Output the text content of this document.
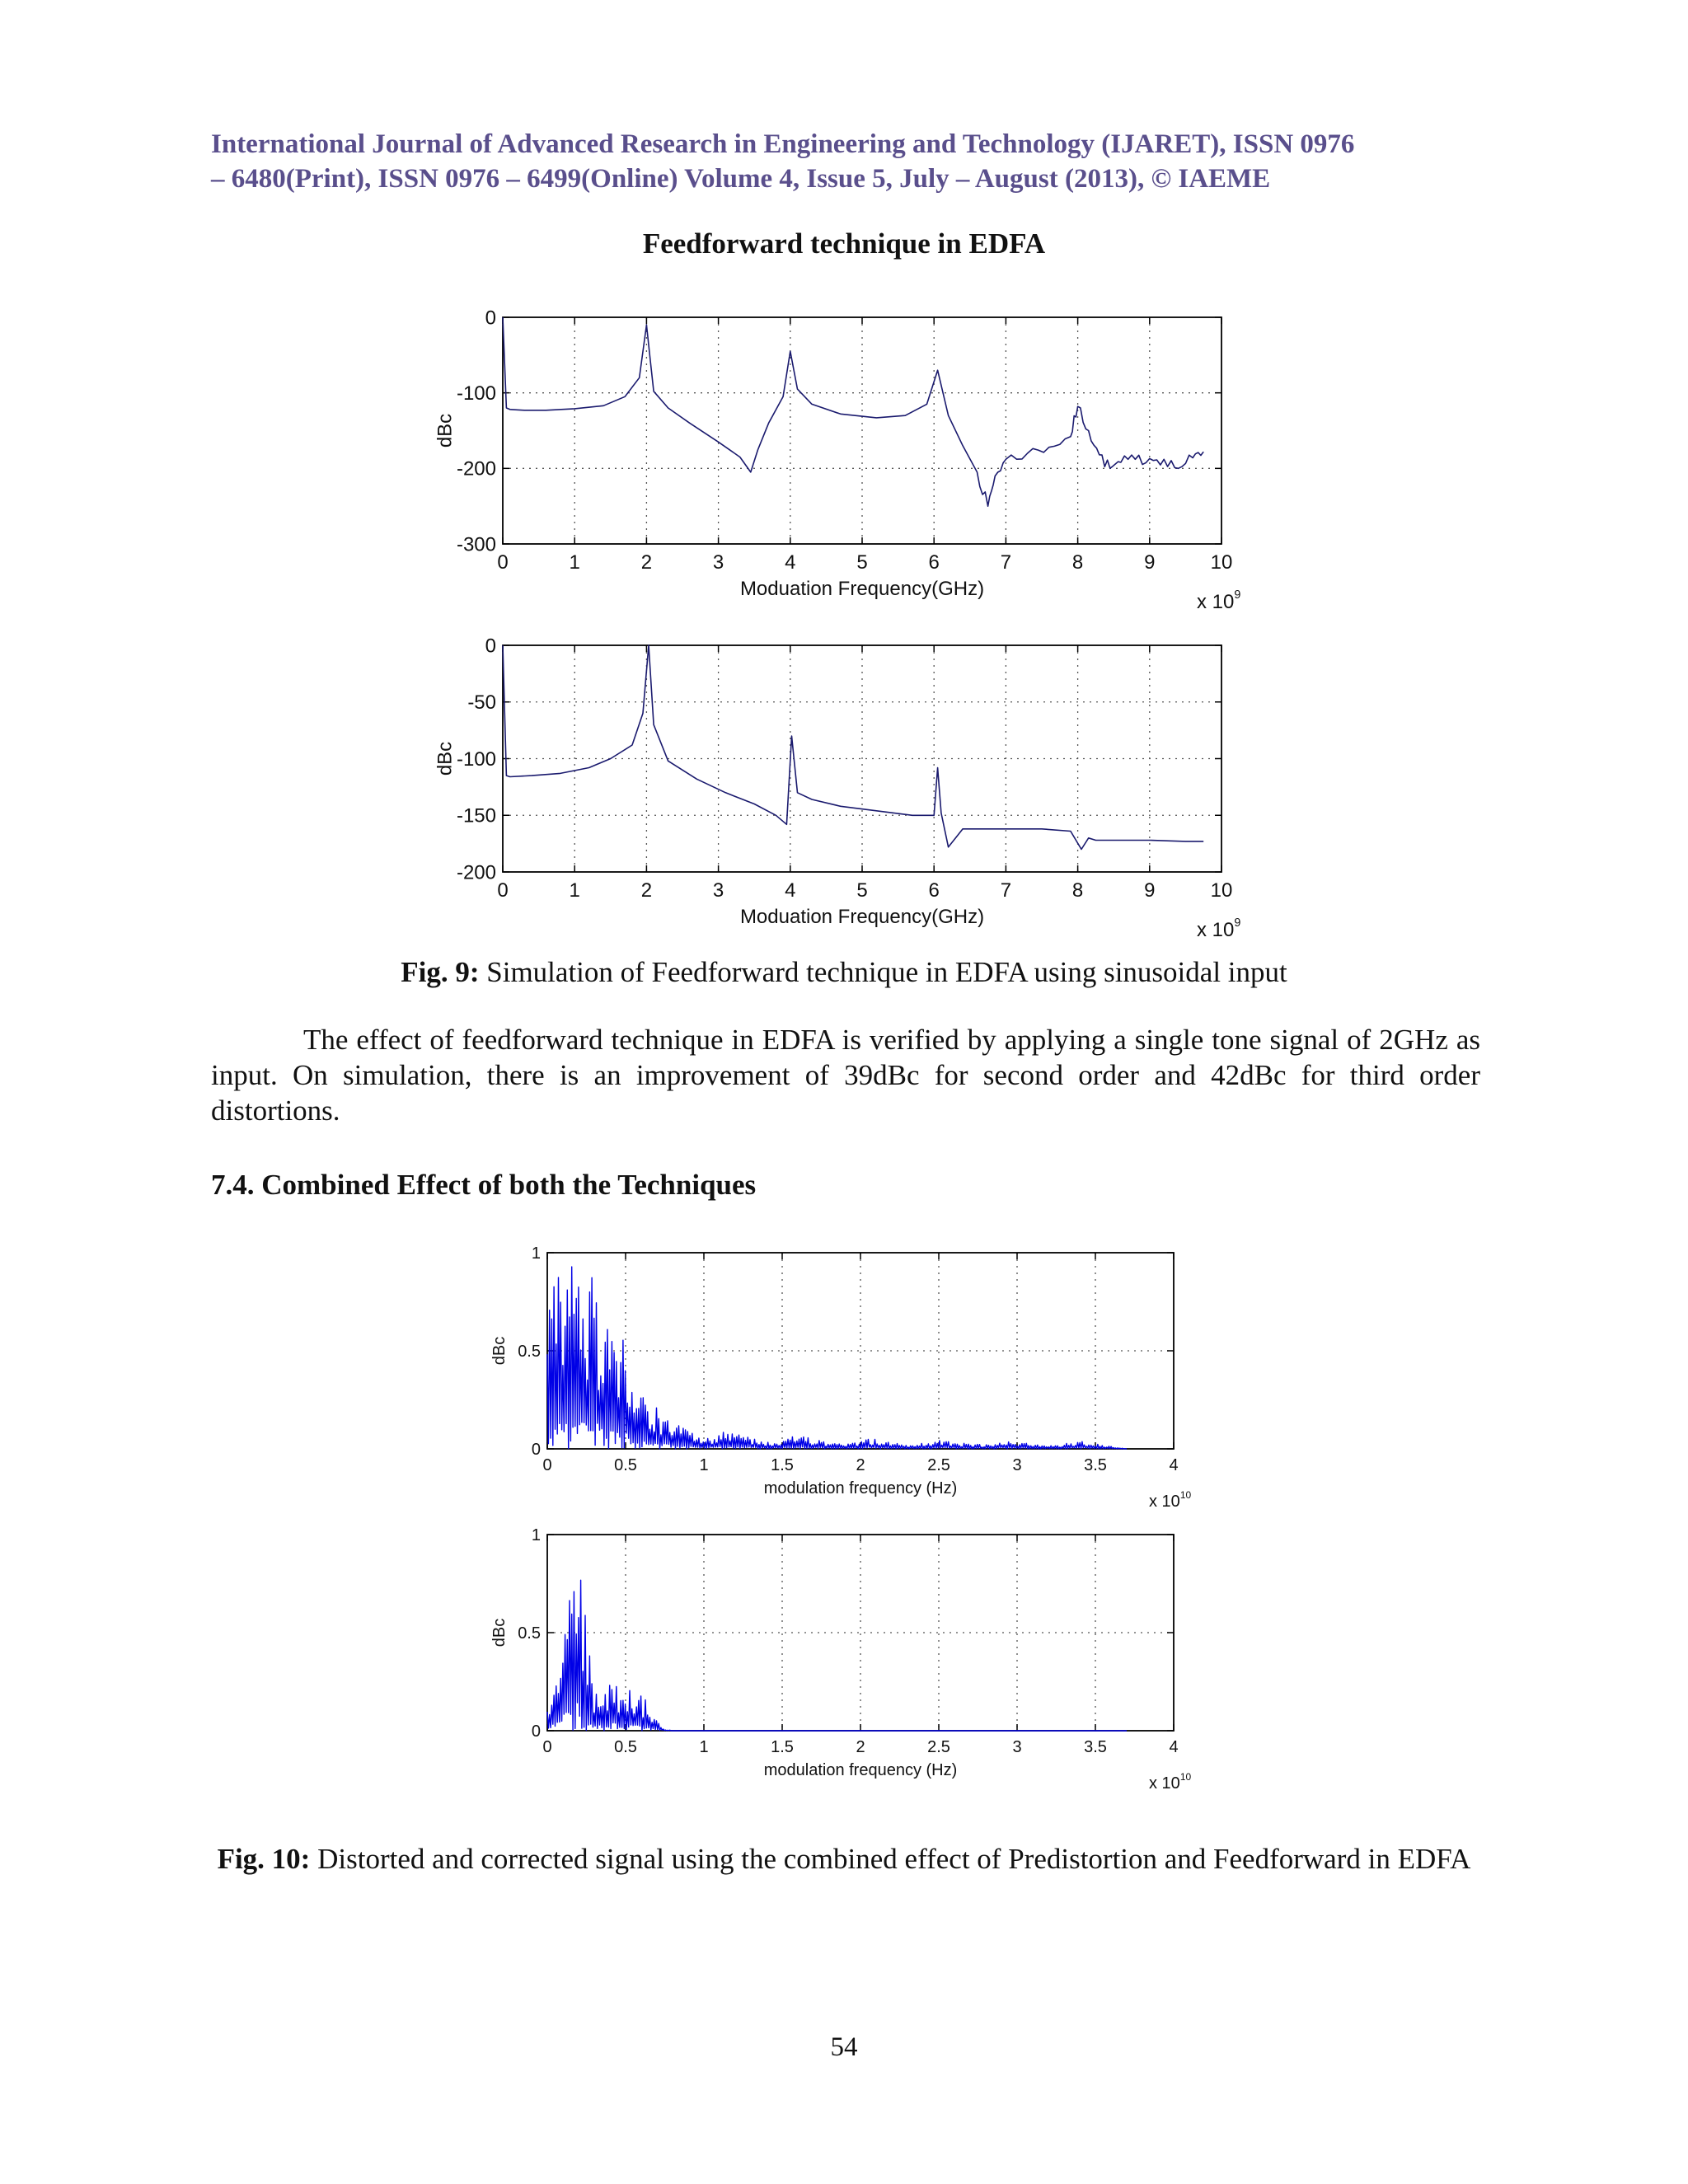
International Journal of Advanced Research in Engineering and Technology (IJARET), ISSN 0976
– 6480(Print), ISSN 0976 – 6499(Online) Volume 4, Issue 5, July – August (2013), © IAEME
Feedforward technique in EDFA
0	1	2	3	4	5	6	7	8	9	10
0
-100
-200
-300
Moduation Frequency(GHz)
dBc
x $10^9$
0	1	2	3	4	5	6	7	8	9	10
0
-50
-100
-150
-200
Moduation Frequency(GHz)
dBc
x $10^9$
Fig. 9: Simulation of Feedforward technique in EDFA using sinusoidal input
The effect of feedforward technique in EDFA is verified by applying a single tone signal of 2GHz as input. On simulation, there is an improvement of 39dBc for second order and 42dBc for third order distortions.
7.4. Combined Effect of both the Techniques
0	0.5	1	1.5	2	2.5	3	3.5	4
0
0.5
1
modulation frequency (Hz)
dBc
x $10^{10}$
0	0.5	1	1.5	2	2.5	3	3.5	4
0
0.5
1
modulation frequency (Hz)
dBc
x $10^{10}$
Fig. 10: Distorted and corrected signal using the combined effect of Predistortion and Feedforward in EDFA
54
